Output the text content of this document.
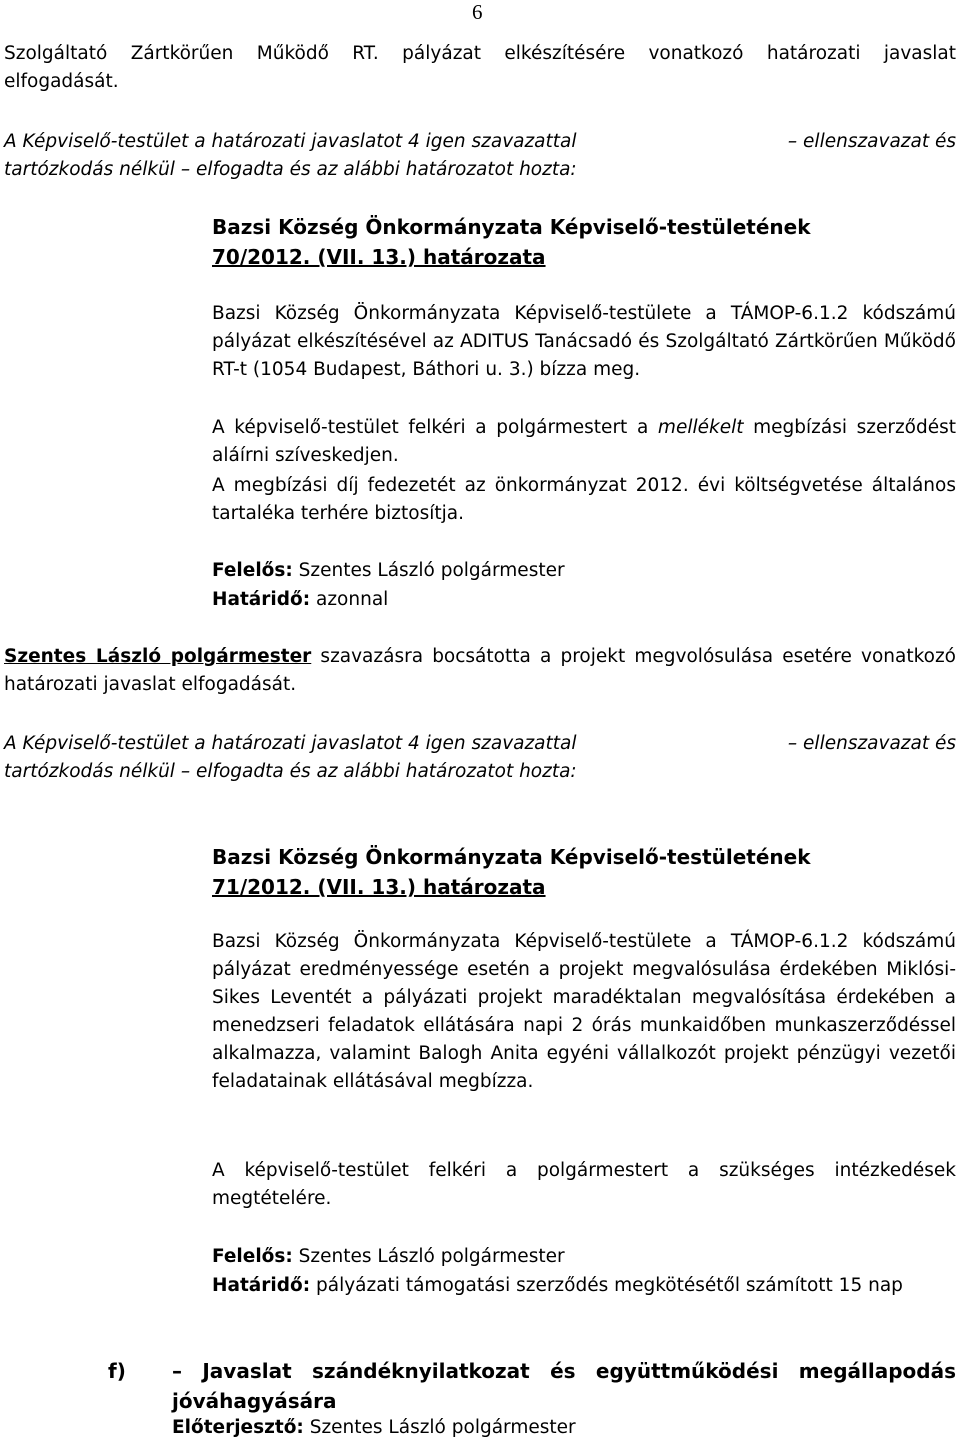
6
Szolgáltató Zártkörűen Működő RT. pályázat elkészítésére vonatkozó határozati javaslat
elfogadását.
A Képviselő-testület a határozati javaslatot 4 igen szavazattal	– ellenszavazat és
tartózkodás nélkül – elfogadta és az alábbi határozatot hozta:
Bazsi Község Önkormányzata Képviselő-testületének
70/2012. (VII. 13.) határozata
Bazsi Község Önkormányzata Képviselő-testülete a TÁMOP-6.1.2 kódszámú pályázat elkészítésével az ADITUS Tanácsadó és Szolgáltató Zártkörűen Működő RT-t (1054 Budapest, Báthori u. 3.) bízza meg.
A képviselő-testület felkéri a polgármestert a mellékelt megbízási szerződést aláírni szíveskedjen.
A megbízási díj fedezetét az önkormányzat 2012. évi költségvetése általános tartaléka terhére biztosítja.
Felelős: Szentes László polgármester
Határidő: azonnal
Szentes László polgármester szavazásra bocsátotta a projekt megvolósulása esetére vonatkozó határozati javaslat elfogadását.
A Képviselő-testület a határozati javaslatot 4 igen szavazattal	– ellenszavazat és
tartózkodás nélkül – elfogadta és az alábbi határozatot hozta:
Bazsi Község Önkormányzata Képviselő-testületének
71/2012. (VII. 13.) határozata
Bazsi Község Önkormányzata Képviselő-testülete a TÁMOP-6.1.2 kódszámú pályázat eredményessége esetén a projekt megvalósulása érdekében Miklósi-Sikes Leventét a pályázati projekt maradéktalan megvalósítása érdekében a menedzseri feladatok ellátására napi 2 órás munkaidőben munkaszerződéssel alkalmazza, valamint Balogh Anita egyéni vállalkozót projekt pénzügyi vezetői feladatainak ellátásával megbízza.
A képviselő-testület felkéri a polgármestert a szükséges intézkedések megtételére.
Felelős: Szentes László polgármester
Határidő: pályázati támogatási szerződés megkötésétől számított 15 nap
f) – Javaslat szándéknyilatkozat és együttműködési megállapodás jóváhagyására
Előterjesztő: Szentes László polgármester
